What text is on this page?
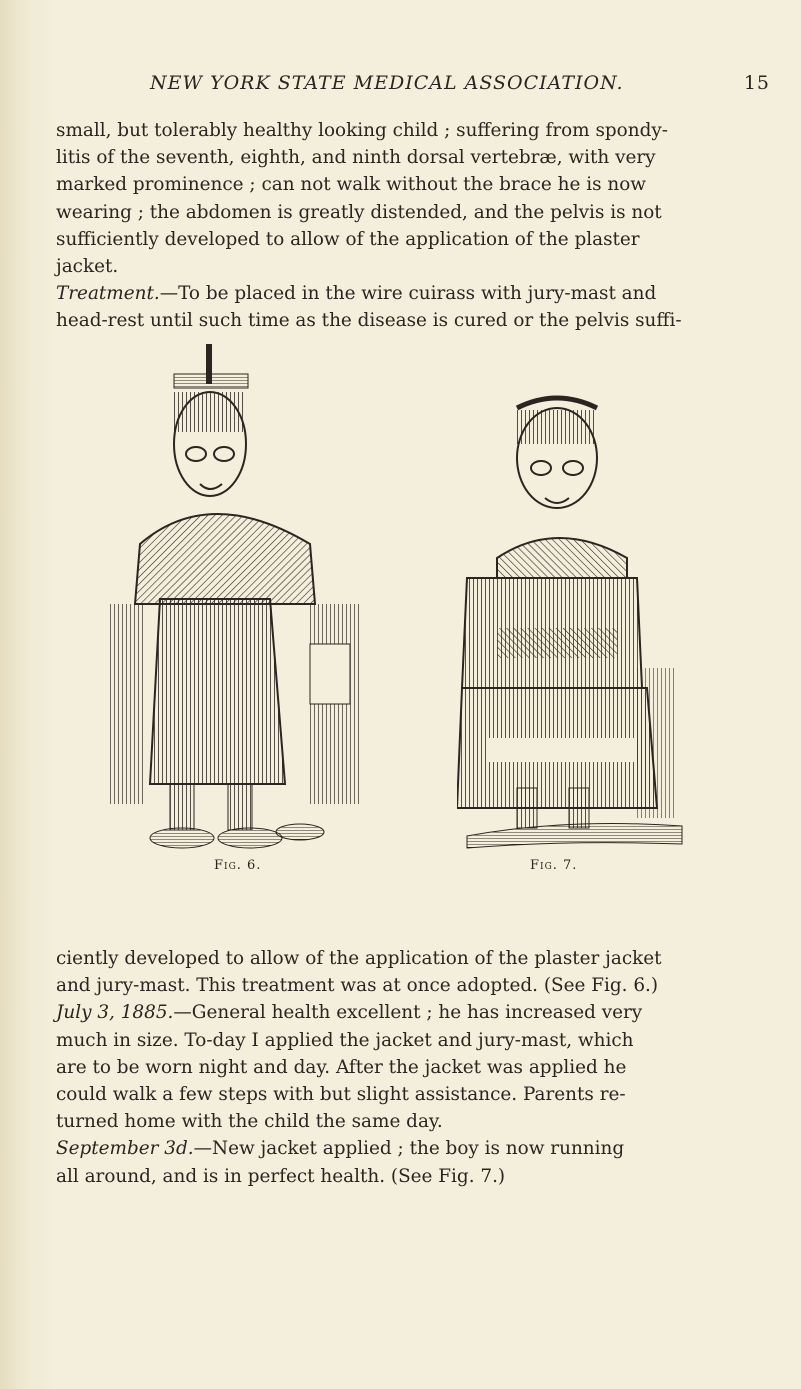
NEW YORK STATE MEDICAL ASSOCIATION.	15

small, but tolerably healthy looking child ; suffering from spondy-

litis of the seventh, eighth, and ninth dorsal vertebræ, with very

marked prominence ; can not walk without the brace he is now

wearing ; the abdomen is greatly distended, and the pelvis is not

sufficiently developed to allow of the application of the plaster

jacket.

Treatment.—To be placed in the wire cuirass with jury-mast and

head-rest until such time as the disease is cured or the pelvis suffi-

Fig. 6.	Fig. 7.

ciently developed to allow of the application of the plaster jacket

and jury-mast. This treatment was at once adopted. (See Fig. 6.)

July 3, 1885.—General health excellent ; he has increased very

much in size. To-day I applied the jacket and jury-mast, which

are to be worn night and day. After the jacket was applied he

could walk a few steps with but slight assistance. Parents re-

turned home with the child the same day.

September 3d.—New jacket applied ; the boy is now running

all around, and is in perfect health. (See Fig. 7.)
